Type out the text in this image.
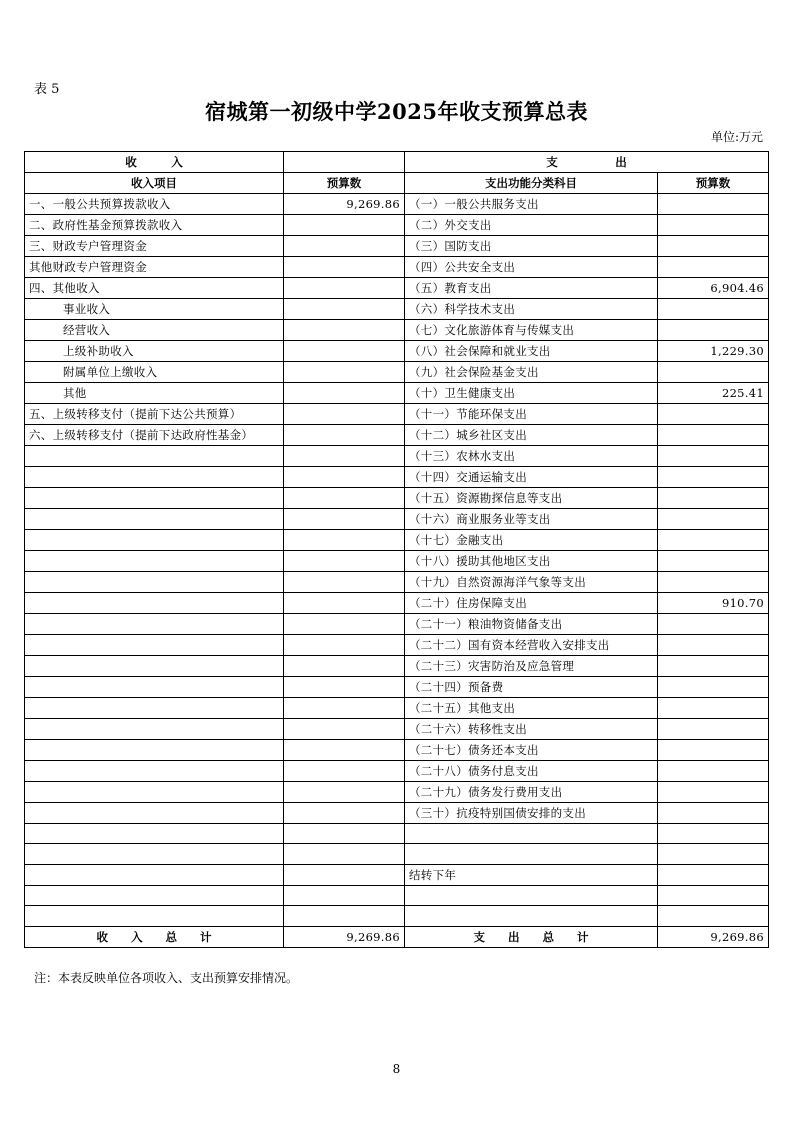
表 5
宿城第一初级中学2025年收支预算总表
单位:万元
收　　　入		支　　　　　出	
收入项目	预算数	支出功能分类科目	预算数
一、一般公共预算拨款收入	9,269.86	（一）一般公共服务支出	
二、政府性基金预算拨款收入		（二）外交支出	
三、财政专户管理资金		（三）国防支出	
其他财政专户管理资金		（四）公共安全支出	
四、其他收入		（五）教育支出	6,904.46
事业收入		（六）科学技术支出	
经营收入		（七）文化旅游体育与传媒支出	
上级补助收入		（八）社会保障和就业支出	1,229.30
附属单位上缴收入		（九）社会保险基金支出	
其他		（十）卫生健康支出	225.41
五、上级转移支付（提前下达公共预算）		（十一）节能环保支出	
六、上级转移支付（提前下达政府性基金）		（十二）城乡社区支出	
		（十三）农林水支出	
		（十四）交通运输支出	
		（十五）资源勘探信息等支出	
		（十六）商业服务业等支出	
		（十七）金融支出	
		（十八）援助其他地区支出	
		（十九）自然资源海洋气象等支出	
		（二十）住房保障支出	910.70
		（二十一）粮油物资储备支出	
		（二十二）国有资本经营收入安排支出	
		（二十三）灾害防治及应急管理	
		（二十四）预备费	
		（二十五）其他支出	
		（二十六）转移性支出	
		（二十七）债务还本支出	
		（二十八）债务付息支出	
		（二十九）债务发行费用支出	
		（三十）抗疫特别国债安排的支出	

		结转下年	

收　　入　　总　　计	9,269.86	支　　出　　总　　计	9,269.86
注：本表反映单位各项收入、支出预算安排情况。
8
